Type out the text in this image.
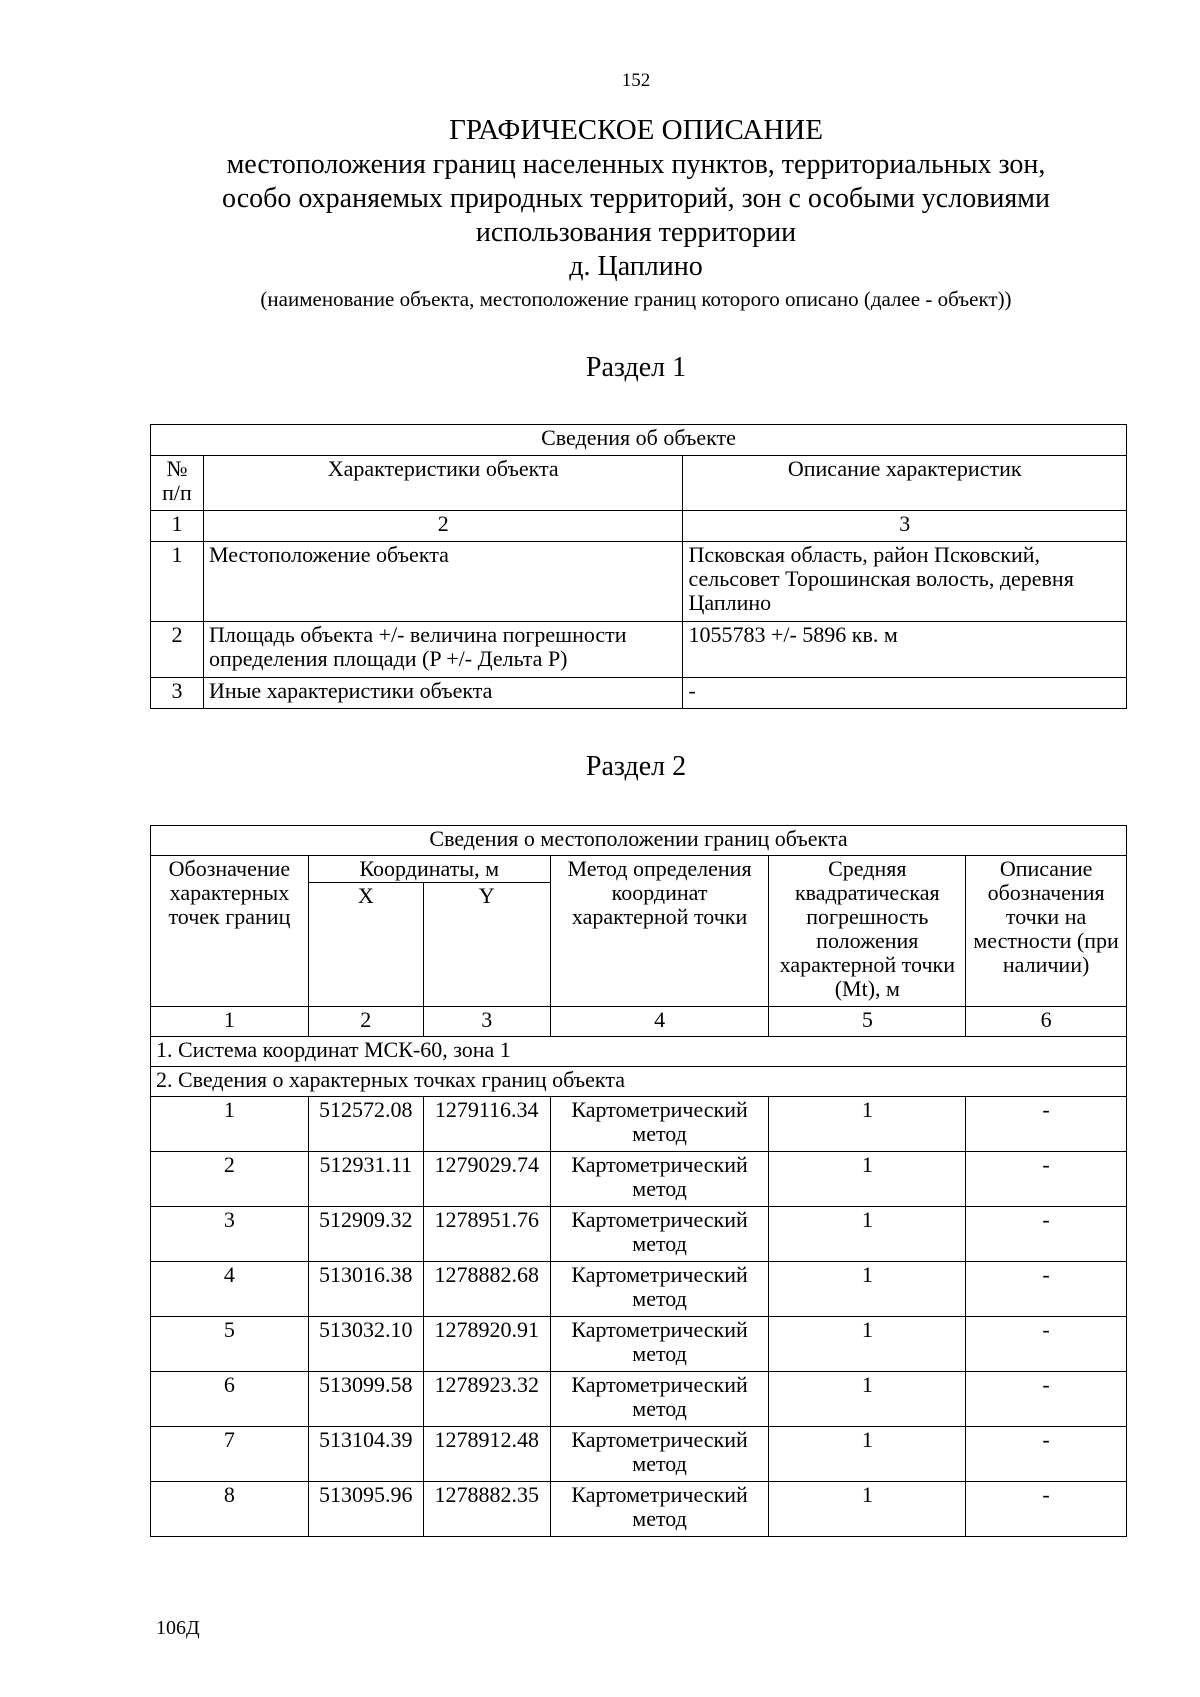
152
ГРАФИЧЕСКОЕ ОПИСАНИЕ
местоположения границ населенных пунктов, территориальных зон,
особо охраняемых природных территорий, зон с особыми условиями
использования территории
д. Цаплино
(наименование объекта, местоположение границ которого описано (далее - объект))
Раздел 1
Сведения об объекте		
№
п/п	Характеристики объекта	Описание характеристик
1	2	3
1	Местоположение объекта	Псковская область, район Псковский, сельсовет Торошинская волость, деревня Цаплино
2	Площадь объекта +/- величина погрешности определения площади (P +/- Дельта P)	1055783 +/- 5896 кв. м
3	Иные характеристики объекта	-
Раздел 2
Сведения о местоположении границ объекта					
Обозначение характерных точек границ	Координаты, м		Метод определения координат характерной точки	Средняя квадратическая погрешность положения характерной точки (Mt), м	Описание обозначения точки на местности (при наличии)
	X	Y			
1	2	3	4	5	6
1. Система координат МСК-60, зона 1					
2. Сведения о характерных точках границ объекта					
1	512572.08	1279116.34	Картометрический метод	1	-
2	512931.11	1279029.74	Картометрический метод	1	-
3	512909.32	1278951.76	Картометрический метод	1	-
4	513016.38	1278882.68	Картометрический метод	1	-
5	513032.10	1278920.91	Картометрический метод	1	-
6	513099.58	1278923.32	Картометрический метод	1	-
7	513104.39	1278912.48	Картометрический метод	1	-
8	513095.96	1278882.35	Картометрический метод	1	-
106Д
